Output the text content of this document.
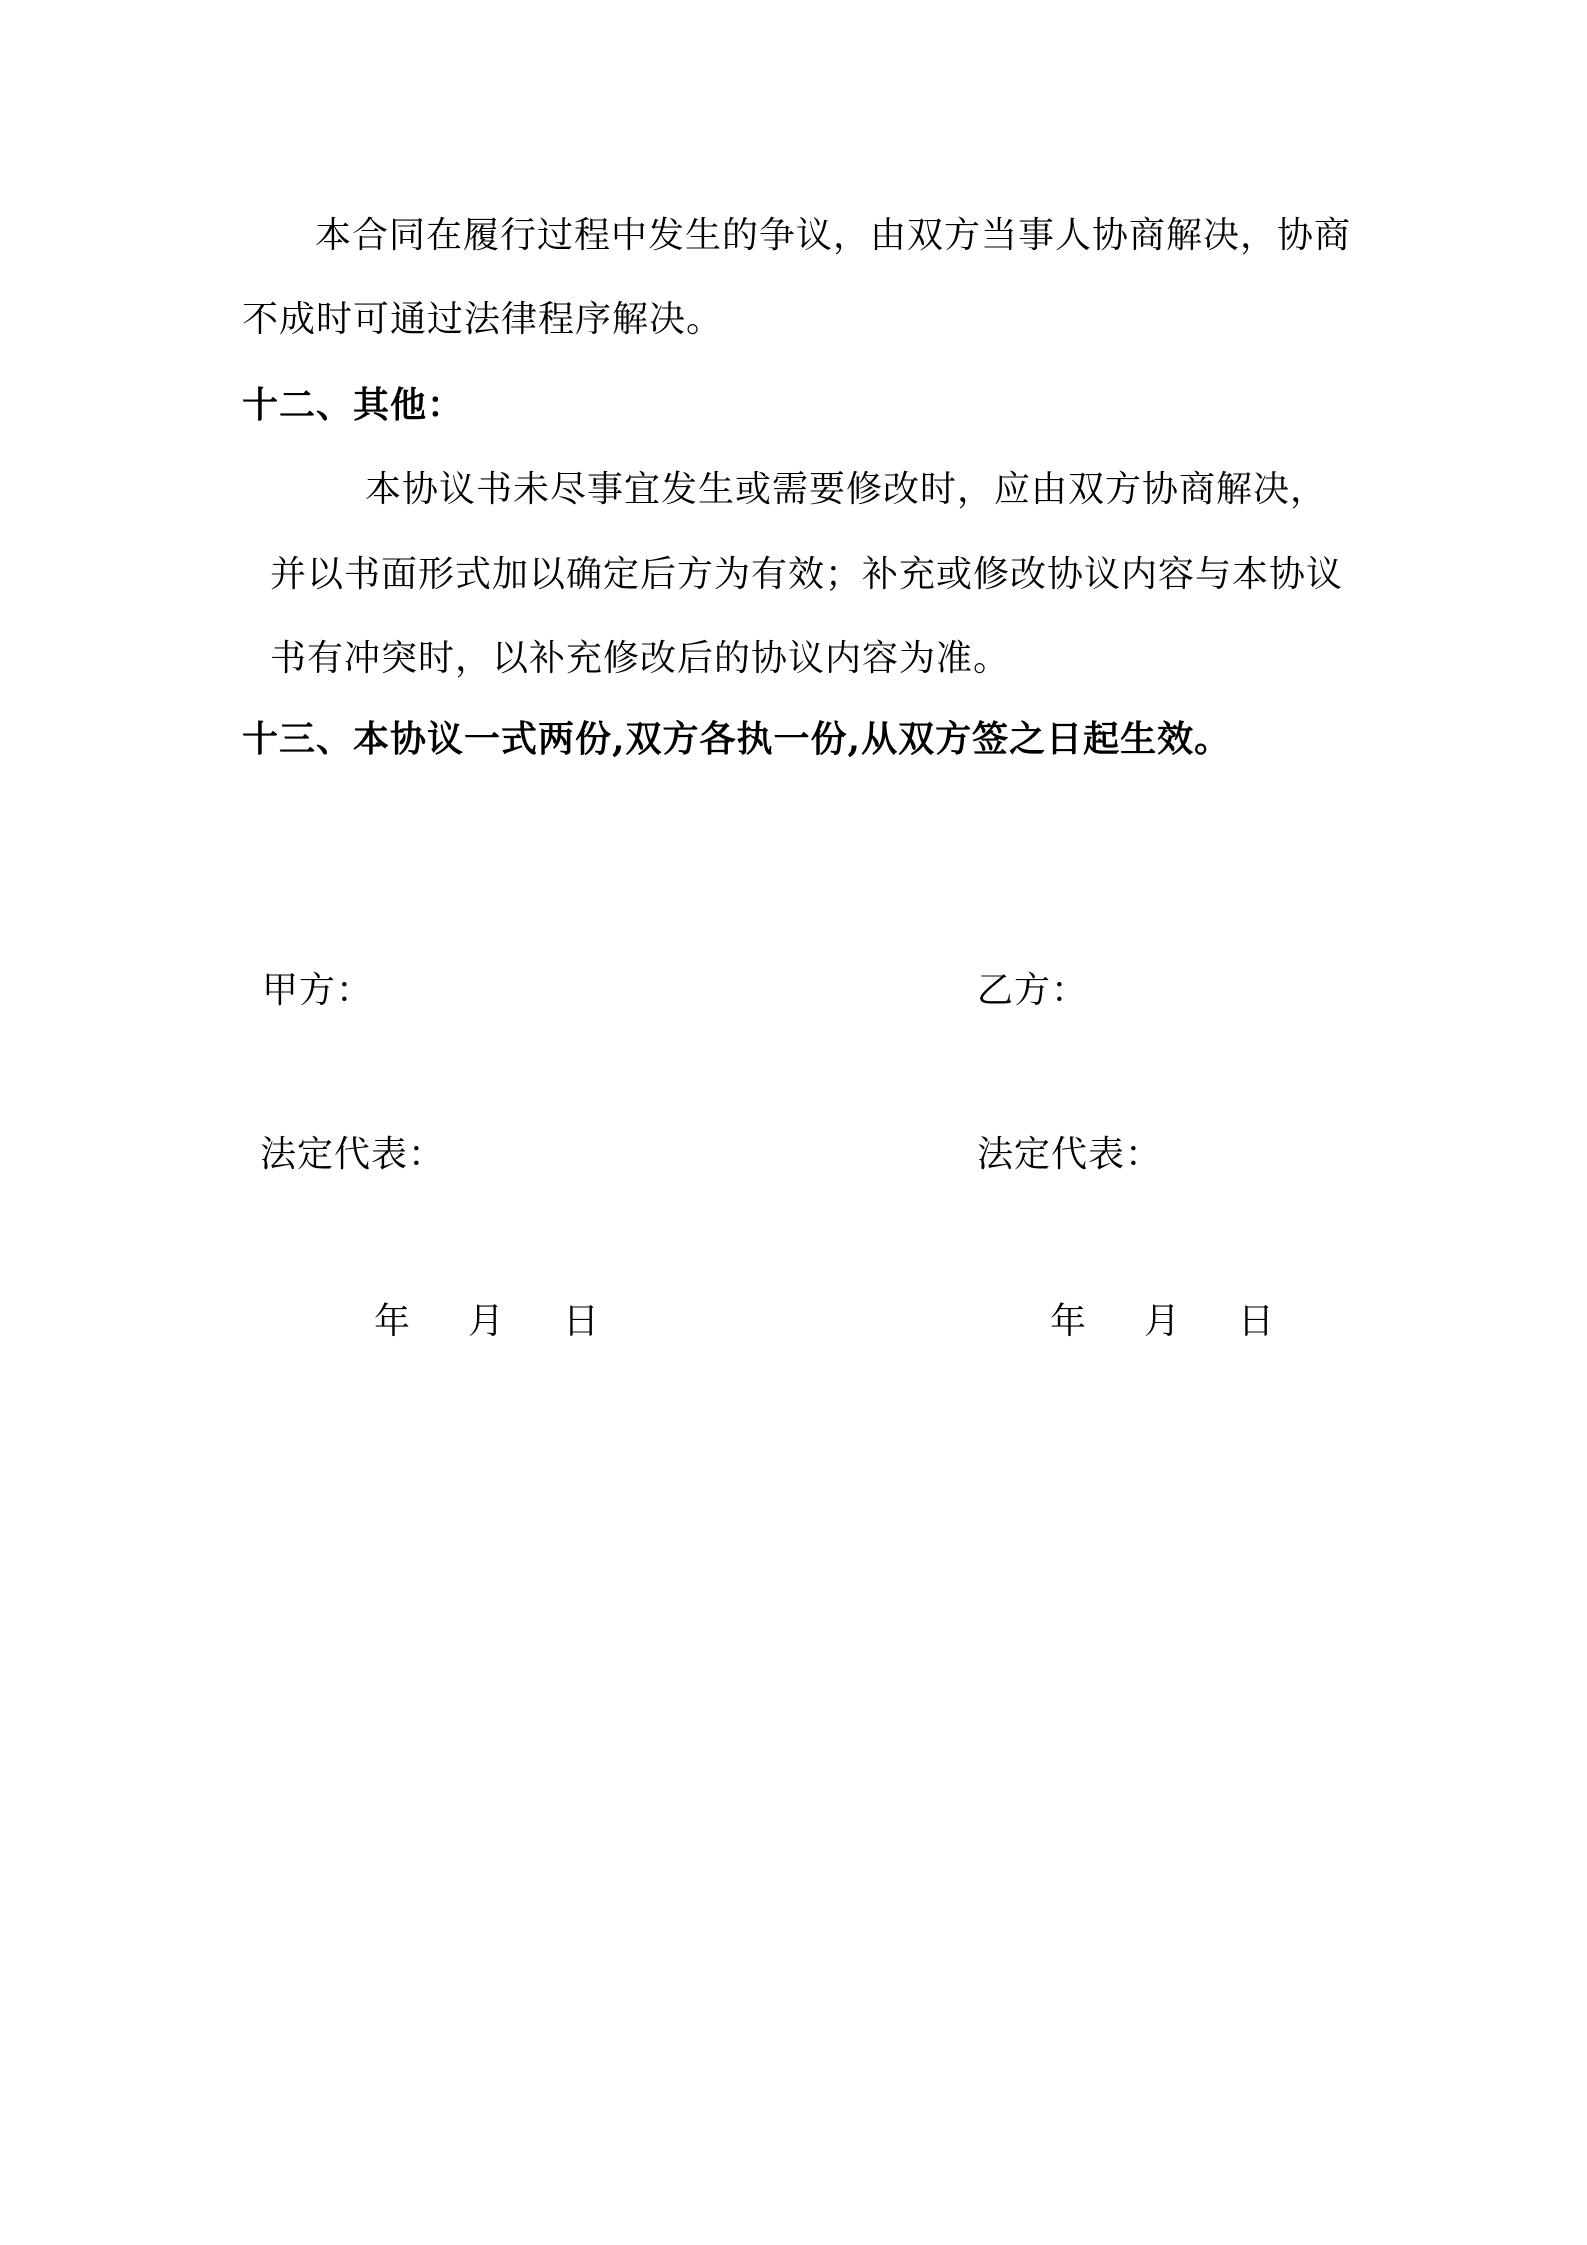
本合同在履行过程中发生的争议，由双方当事人协商解决，协商
不成时可通过法律程序解决。
十二、其他：
本协议书未尽事宜发生或需要修改时，应由双方协商解决，
并以书面形式加以确定后方为有效；补充或修改协议内容与本协议
书有冲突时，以补充修改后的协议内容为准。
十三、本协议一式两份,双方各执一份,从双方签之日起生效。
甲方：
法定代表：
年 月 日
乙方：
法定代表：
年 月 日
